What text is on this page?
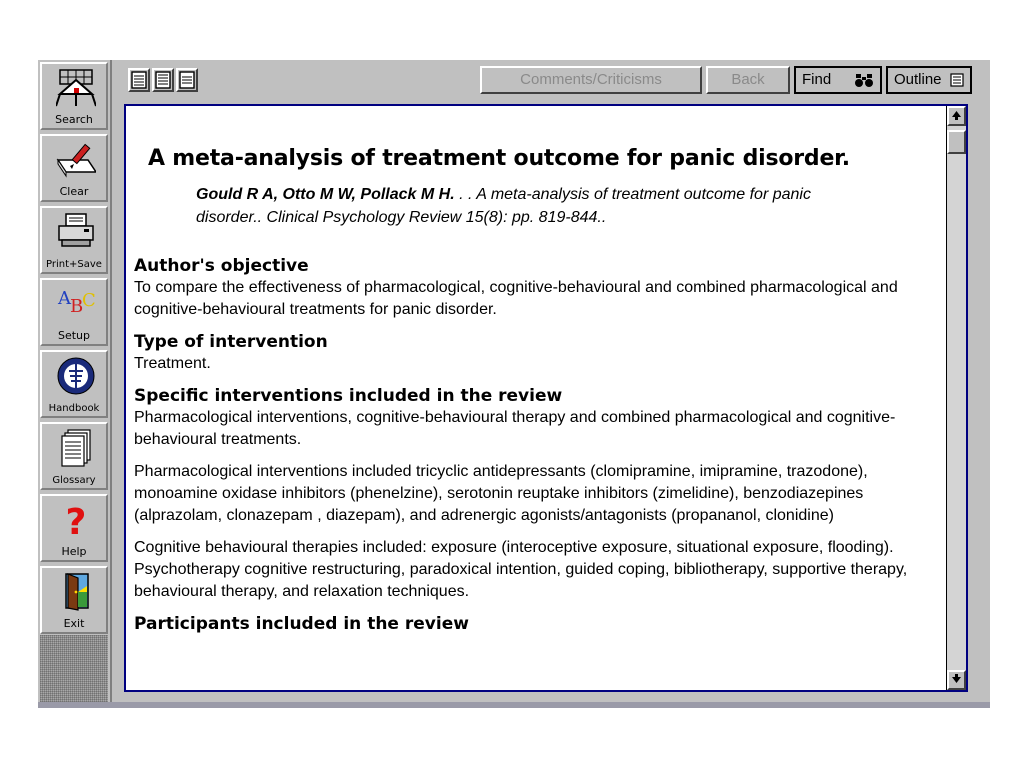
Search
Clear
Print+Save
A B
C
Setup
Handbook
Glossary
?
Help
Exit
Comments/Criticisms	Back	Find	Outline
A meta-analysis of treatment outcome for panic disorder.
Gould R A, Otto M W, Pollack M H. . . A meta-analysis of treatment outcome for panic disorder.. Clinical Psychology Review 15(8): pp. 819-844..
Author's objective

To compare the effectiveness of pharmacological, cognitive-behavioural and combined pharmacological and cognitive-behavioural treatments for panic disorder.

Type of intervention

Treatment.

Specific interventions included in the review

Pharmacological interventions, cognitive-behavioural therapy and combined pharmacological and cognitive-behavioural treatments.

Pharmacological interventions included tricyclic antidepressants (clomipramine, imipramine, trazodone), monoamine oxidase inhibitors (phenelzine), serotonin reuptake inhibitors (zimelidine), benzodiazepines (alprazolam, clonazepam , diazepam), and adrenergic agonists/antagonists (propananol, clonidine)

Cognitive behavioural therapies included: exposure (interoceptive exposure, situational exposure, flooding). Psychotherapy cognitive restructuring, paradoxical intention, guided coping, bibliotherapy, supportive therapy, behavioural therapy, and relaxation techniques.

Participants included in the review
